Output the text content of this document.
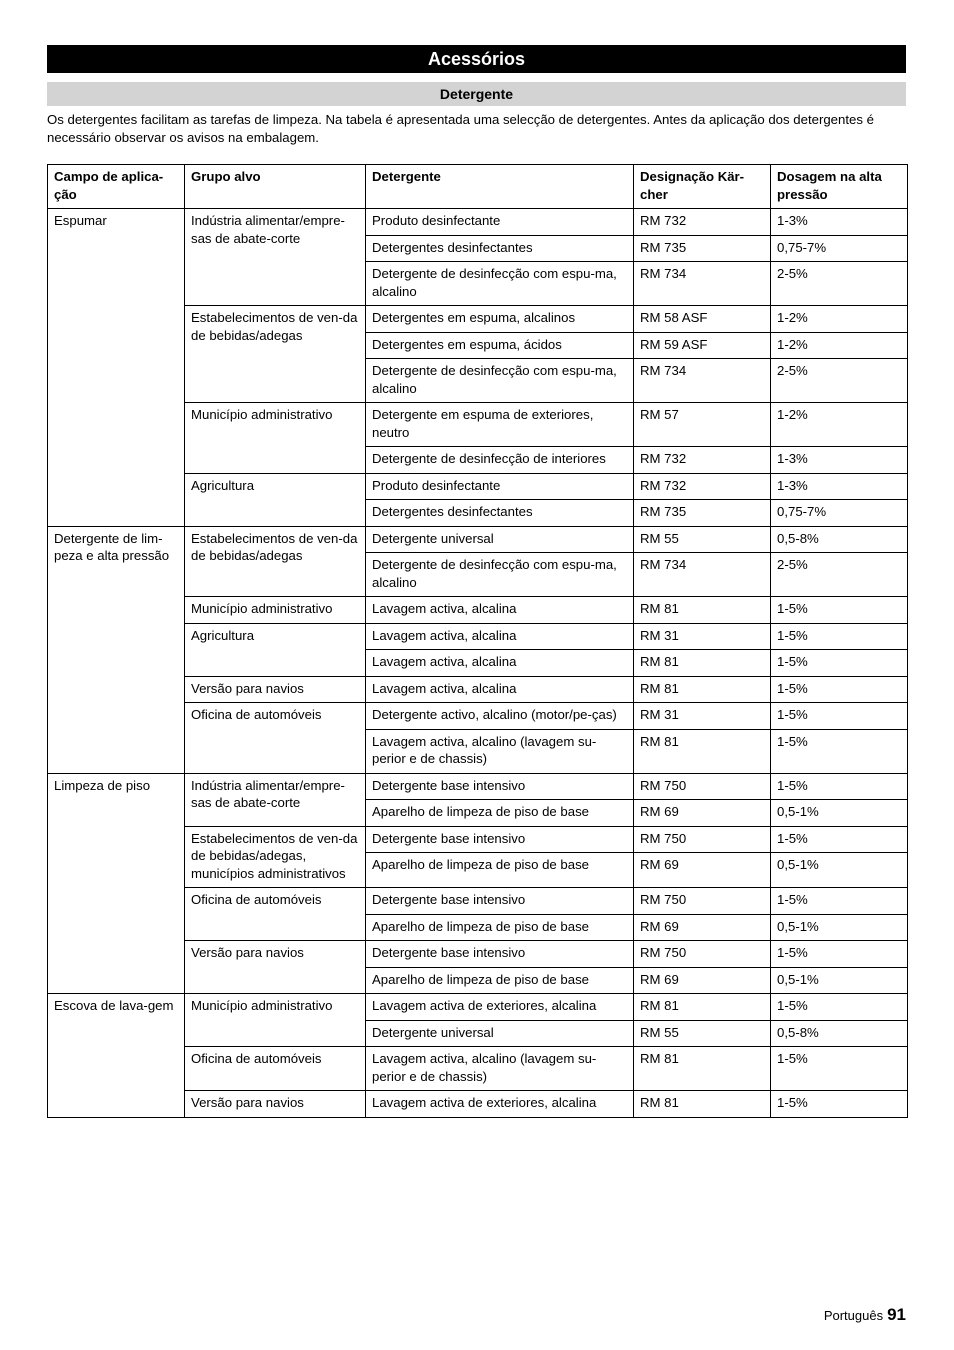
Acessórios
Detergente

Os detergentes facilitam as tarefas de limpeza. Na tabela é apresentada uma selecção de detergentes. Antes da aplicação dos detergentes é necessário observar os avisos na embalagem.

Campo de aplica-ção	Grupo alvo	Detergente	Designação Kär-cher	Dosagem na alta pressão
Espumar	Indústria alimentar/empre-sas de abate-corte	Produto desinfectante	RM 732	1-3%
		Detergentes desinfectantes	RM 735	0,75-7%
		Detergente de desinfecção com espu-ma, alcalino	RM 734	2-5%
	Estabelecimentos de ven-da de bebidas/adegas	Detergentes em espuma, alcalinos	RM 58 ASF	1-2%
		Detergentes em espuma, ácidos	RM 59 ASF	1-2%
		Detergente de desinfecção com espu-ma, alcalino	RM 734	2-5%
	Município administrativo	Detergente em espuma de exteriores, neutro	RM 57	1-2%
		Detergente de desinfecção de interiores	RM 732	1-3%
	Agricultura	Produto desinfectante	RM 732	1-3%
		Detergentes desinfectantes	RM 735	0,75-7%
Detergente de lim-peza e alta pressão	Estabelecimentos de ven-da de bebidas/adegas	Detergente universal	RM 55	0,5-8%
		Detergente de desinfecção com espu-ma, alcalino	RM 734	2-5%
	Município administrativo	Lavagem activa, alcalina	RM 81	1-5%
	Agricultura	Lavagem activa, alcalina	RM 31	1-5%
		Lavagem activa, alcalina	RM 81	1-5%
	Versão para navios	Lavagem activa, alcalina	RM 81	1-5%
	Oficina de automóveis	Detergente activo, alcalino (motor/pe-ças)	RM 31	1-5%
		Lavagem activa, alcalino (lavagem su-perior e de chassis)	RM 81	1-5%
Limpeza de piso	Indústria alimentar/empre-sas de abate-corte	Detergente base intensivo	RM 750	1-5%
		Aparelho de limpeza de piso de base	RM 69	0,5-1%
	Estabelecimentos de ven-da de bebidas/adegas, municípios administrativos	Detergente base intensivo	RM 750	1-5%
		Aparelho de limpeza de piso de base	RM 69	0,5-1%
	Oficina de automóveis	Detergente base intensivo	RM 750	1-5%
		Aparelho de limpeza de piso de base	RM 69	0,5-1%
	Versão para navios	Detergente base intensivo	RM 750	1-5%
		Aparelho de limpeza de piso de base	RM 69	0,5-1%
Escova de lava-gem	Município administrativo	Lavagem activa de exteriores, alcalina	RM 81	1-5%
		Detergente universal	RM 55	0,5-8%
	Oficina de automóveis	Lavagem activa, alcalino (lavagem su-perior e de chassis)	RM 81	1-5%
	Versão para navios	Lavagem activa de exteriores, alcalina	RM 81	1-5%
Português 91
